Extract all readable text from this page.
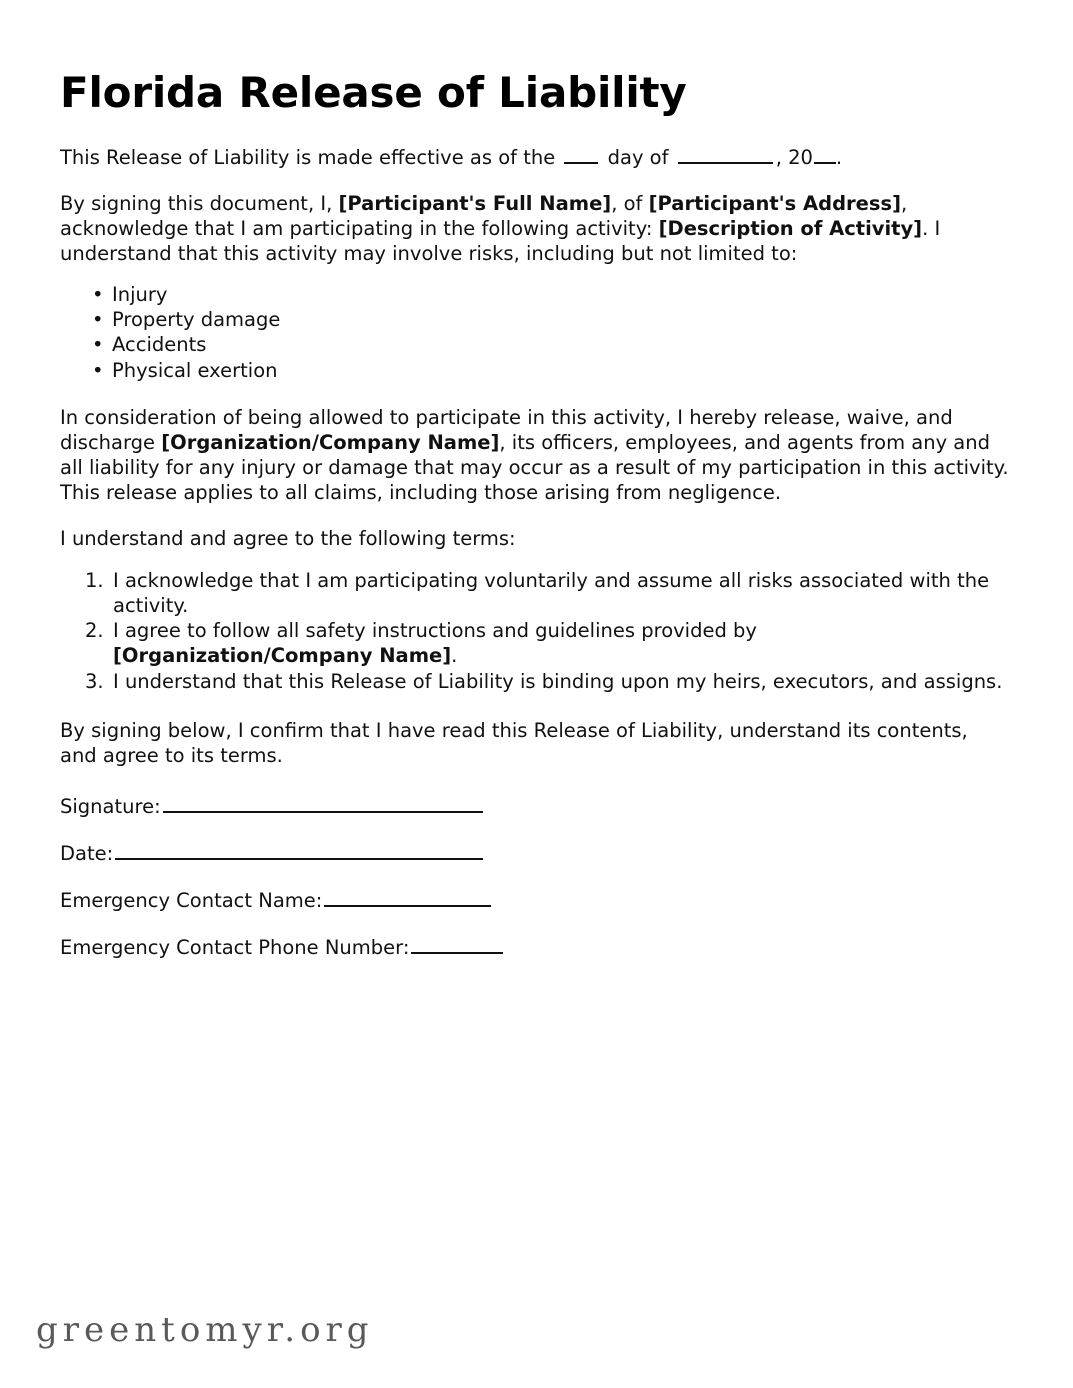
Florida Release of Liability

This Release of Liability is made effective as of the  day of	, 20 .

By signing this document, I, [Participant's Full Name], of [Participant's Address], acknowledge that I am participating in the following activity: [Description of Activity]. I understand that this activity may involve risks, including but not limited to:

• Injury
• Property damage
• Accidents
• Physical exertion

In consideration of being allowed to participate in this activity, I hereby release, waive, and discharge [Organization/Company Name], its officers, employees, and agents from any and all liability for any injury or damage that may occur as a result of my participation in this activity. This release applies to all claims, including those arising from negligence.

I understand and agree to the following terms:

I acknowledge that I am participating voluntarily and assume all risks associated with the activity.
I agree to follow all safety instructions and guidelines provided by [Organization/Company Name].
I understand that this Release of Liability is binding upon my heirs, executors, and assigns.

By signing below, I confirm that I have read this Release of Liability, understand its contents, and agree to its terms.

Signature:
Date:
Emergency Contact Name:
Emergency Contact Phone Number:
greentomyr.org
